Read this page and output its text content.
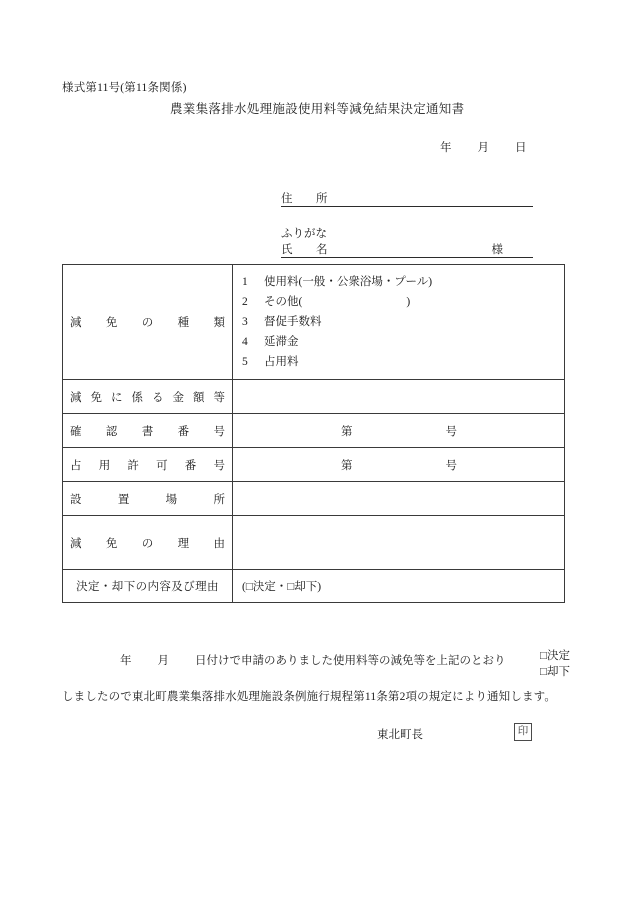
様式第11号(第11条関係)
農業集落排水処理施設使用料等減免結果決定通知書
年 月 日
住　所
ふりがな
氏　名	様
減 免 の 種 類

1	使用料(一般・公衆浴場・プール)
2	その他(	)
3	督促手数料
4	延滞金
5	占用料

減 免 に 係 る 金 額 等

確 認 書 番 号	第 号

占 用 許 可 番 号	第	号

設 置 場 所	

減 免 の 理 由	

決定・却下の内容及び理由	(□決定・□却下)
年 月 日付けで申請のありました使用料等の減免等を上記のとおり	□決定
□却下
しましたので東北町農業集落排水処理施設条例施行規程第11条第2項の規定により通知します。
東北町長	印
